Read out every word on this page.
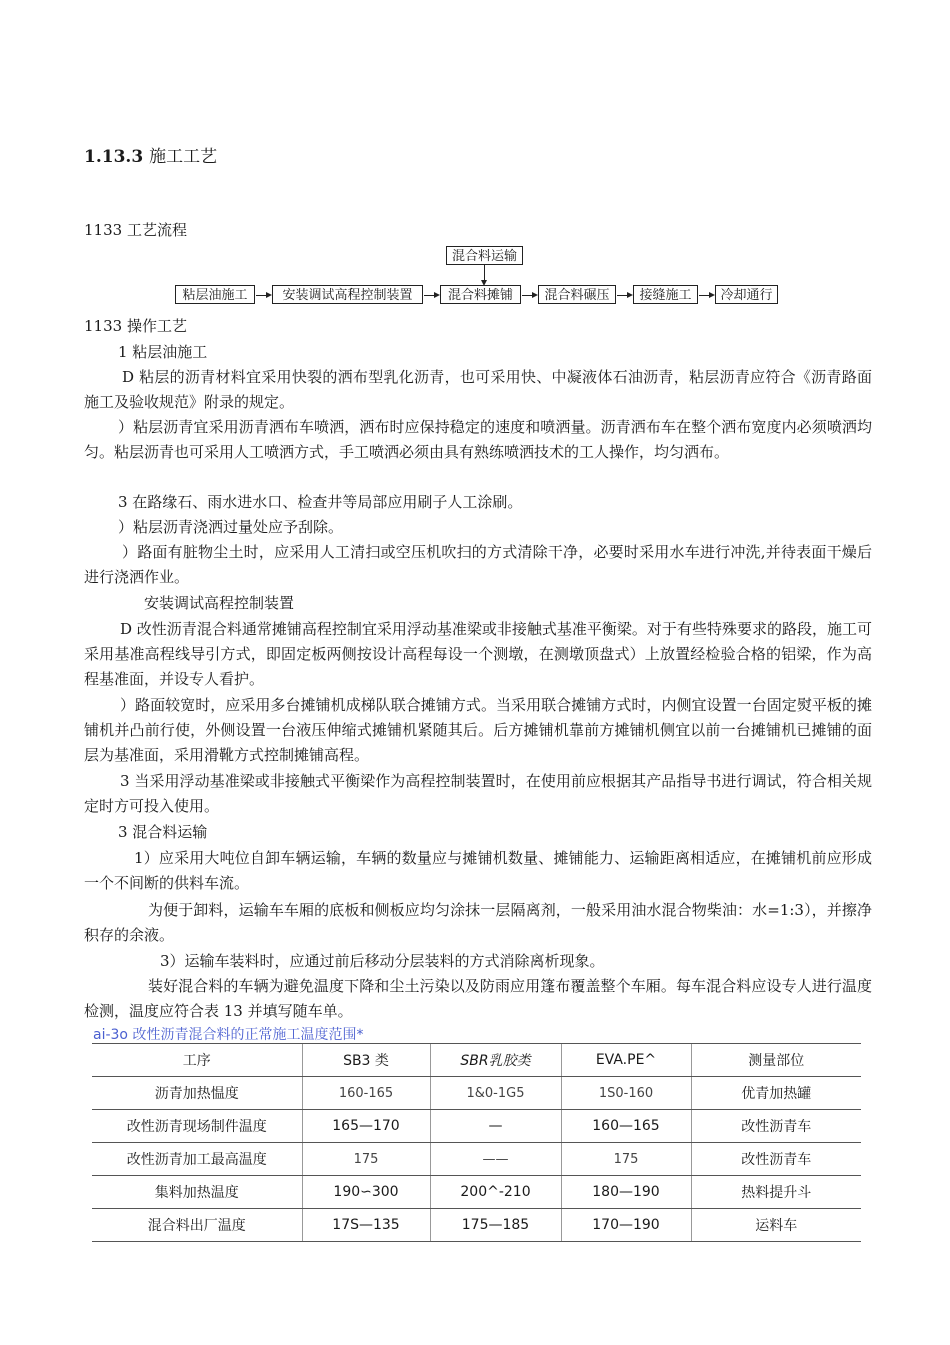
1.13.3 施工工艺
1133 工艺流程
混合料运输
粘层油施工	安装调试高程控制装置	混合料摊铺	混合料碾压	接缝施工	冷却通行
1133 操作工艺
1 粘层油施工
D 粘层的沥青材料宜采用快裂的洒布型乳化沥青，也可采用快、中凝液体石油沥青，粘层沥青应符合《沥青路面施工及验收规范》附录的规定。
）粘层沥青宜采用沥青洒布车喷洒，洒布时应保持稳定的速度和喷洒量。沥青洒布车在整个洒布宽度内必须喷洒均匀。粘层沥青也可采用人工喷洒方式，手工喷洒必须由具有熟练喷洒技术的工人操作，均匀洒布。
3 在路缘石、雨水进水口、检查井等局部应用刷子人工涂刷。
）粘层沥青浇洒过量处应予刮除。
）路面有脏物尘土时，应采用人工清扫或空压机吹扫的方式清除干净，必要时采用水车进行冲洗,并待表面干燥后进行浇洒作业。
安装调试高程控制装置
D 改性沥青混合料通常摊铺高程控制宜采用浮动基准梁或非接触式基准平衡梁。对于有些特殊要求的路段，施工可采用基准高程线导引方式，即固定板两侧按设计高程每设一个测墩，在测墩顶盘式）上放置经检验合格的铝梁，作为高程基准面，并设专人看护。
）路面较宽时，应采用多台摊铺机成梯队联合摊铺方式。当采用联合摊铺方式时，内侧宜设置一台固定熨平板的摊铺机并凸前行使，外侧设置一台液压伸缩式摊铺机紧随其后。后方摊铺机靠前方摊铺机侧宜以前一台摊铺机已摊铺的面层为基准面，采用滑靴方式控制摊铺高程。
3 当采用浮动基准梁或非接触式平衡梁作为高程控制装置时，在使用前应根据其产品指导书进行调试，符合相关规定时方可投入使用。
3 混合料运输
1）应采用大吨位自卸车辆运输，车辆的数量应与摊铺机数量、摊铺能力、运输距离相适应，在摊铺机前应形成一个不间断的供料车流。
为便于卸料，运输车车厢的底板和侧板应均匀涂抹一层隔离剂，一般采用油水混合物柴油：水=1:3），并擦净积存的余液。
3）运输车装料时，应通过前后移动分层装料的方式消除离析现象。
装好混合料的车辆为避免温度下降和尘土污染以及防雨应用篷布覆盖整个车厢。每车混合料应设专人进行温度检测，温度应符合表 13 并填写随车单。
ai-3o 改性沥青混合料的正常施工温度范围*
工序	SB3 类	SBR乳胶类	EVA.PE^	测量部位
沥青加热愠度	160-165	1&0-1G5	1S0-160	优青加热罐
改性沥青现场制件温度	165—170	—	160—165	改性沥青车
改性沥青加工最高温度	175	——	175	改性沥青车
集料加热温度	190∽300	200^-210	180—190	热料提升斗
混合料出厂温度	17S—135	175—185	170—190	运料车
